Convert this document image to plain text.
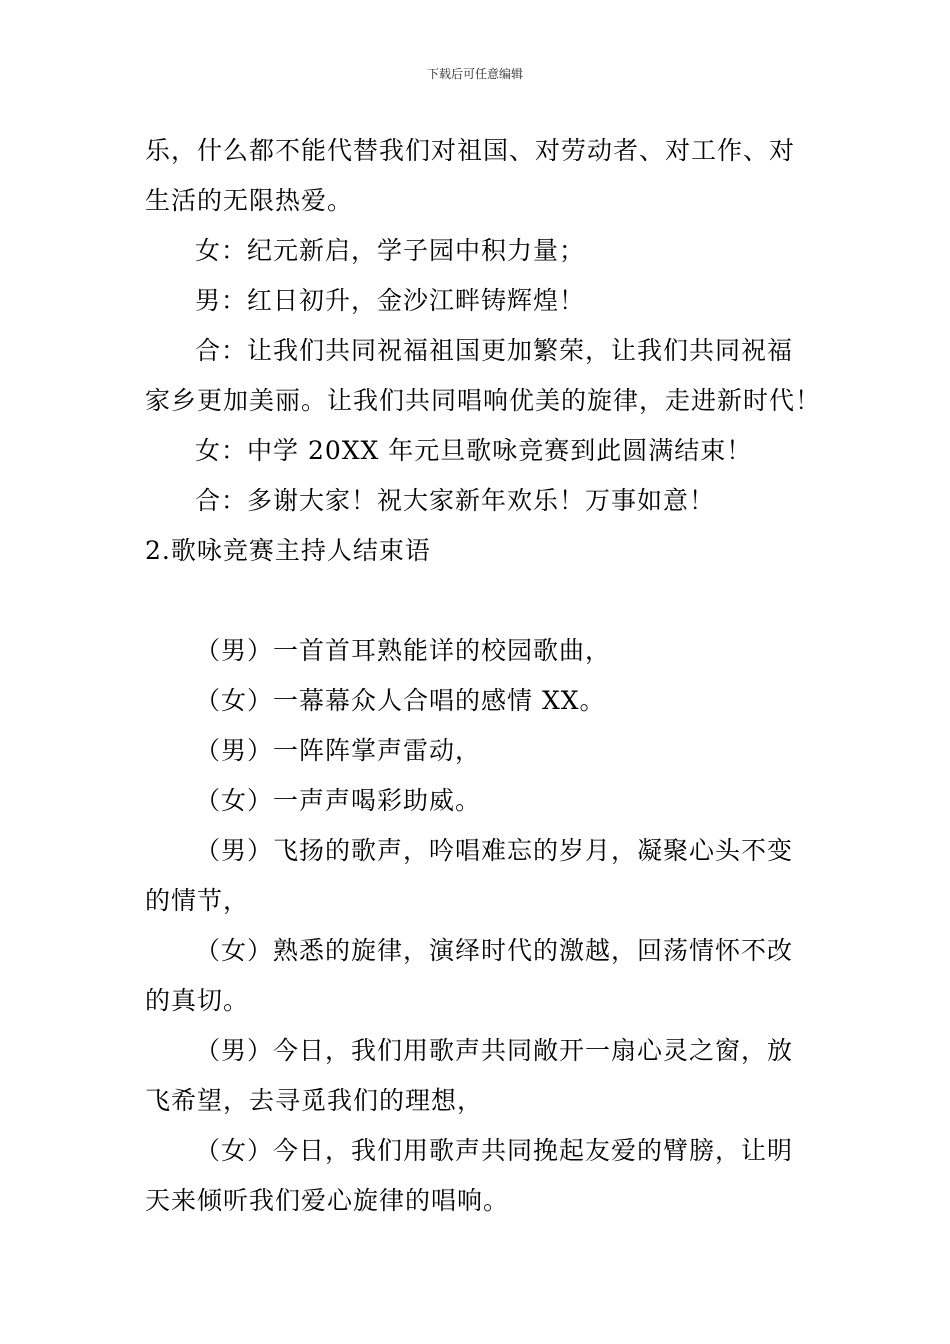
下载后可任意编辑
乐，什么都不能代替我们对祖国、对劳动者、对工作、对
生活的无限热爱。
女：纪元新启，学子园中积力量；
男：红日初升，金沙江畔铸辉煌！
合：让我们共同祝福祖国更加繁荣，让我们共同祝福
家乡更加美丽。让我们共同唱响优美的旋律，走进新时代！
女：中学 20XX 年元旦歌咏竞赛到此圆满结束！
合：多谢大家！祝大家新年欢乐！万事如意！
2.歌咏竞赛主持人结束语
（男）一首首耳熟能详的校园歌曲，
（女）一幕幕众人合唱的感情 XX。
（男）一阵阵掌声雷动，
（女）一声声喝彩助威。
（男）飞扬的歌声，吟唱难忘的岁月，凝聚心头不变
的情节，
（女）熟悉的旋律，演绎时代的激越，回荡情怀不改
的真切。
（男）今日，我们用歌声共同敞开一扇心灵之窗，放
飞希望，去寻觅我们的理想，
（女）今日，我们用歌声共同挽起友爱的臂膀，让明
天来倾听我们爱心旋律的唱响。
